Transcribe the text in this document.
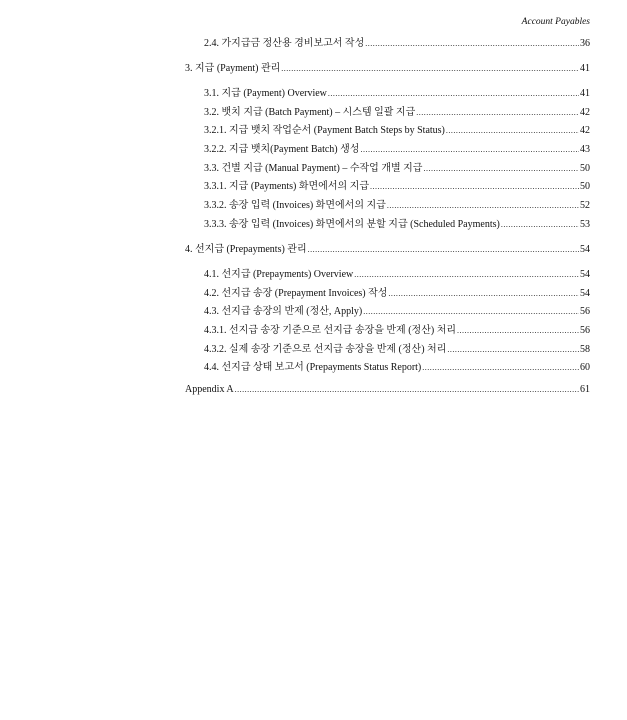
Account Payables
2.4. 가지급금 정산용 경비보고서 작성 .....	36
3. 지급 (Payment) 관리 .....	41
3.1. 지급 (Payment) Overview .....	41
3.2. 뱃치 지급 (Batch Payment) – 시스템 일괄 지급 .....	42
3.2.1. 지급 뱃치 작업순서 (Payment Batch Steps by Status) .....	42
3.2.2. 지급 뱃치(Payment Batch) 생성 .....	43
3.3. 건별 지급 (Manual Payment) – 수작업 개별 지급 .....	50
3.3.1. 지급 (Payments) 화면에서의 지급 .....	50
3.3.2. 송장 입력 (Invoices) 화면에서의 지급 .....	52
3.3.3. 송장 입력 (Invoices) 화면에서의 분할 지급 (Scheduled Payments) .....	53
4. 선지급 (Prepayments) 관리 .....	54
4.1. 선지급 (Prepayments) Overview .....	54
4.2. 선지급 송장 (Prepayment Invoices) 작성 .....	54
4.3. 선지급 송장의 반제 (정산, Apply) .....	56
4.3.1. 선지급 송장 기준으로 선지급 송장을 반제 (정산) 처리 .....	56
4.3.2. 실제 송장 기준으로 선지급 송장을 반제 (정산) 처리 .....	58
4.4. 선지급 상태 보고서 (Prepayments Status Report) .....	60
Appendix A .....	61
